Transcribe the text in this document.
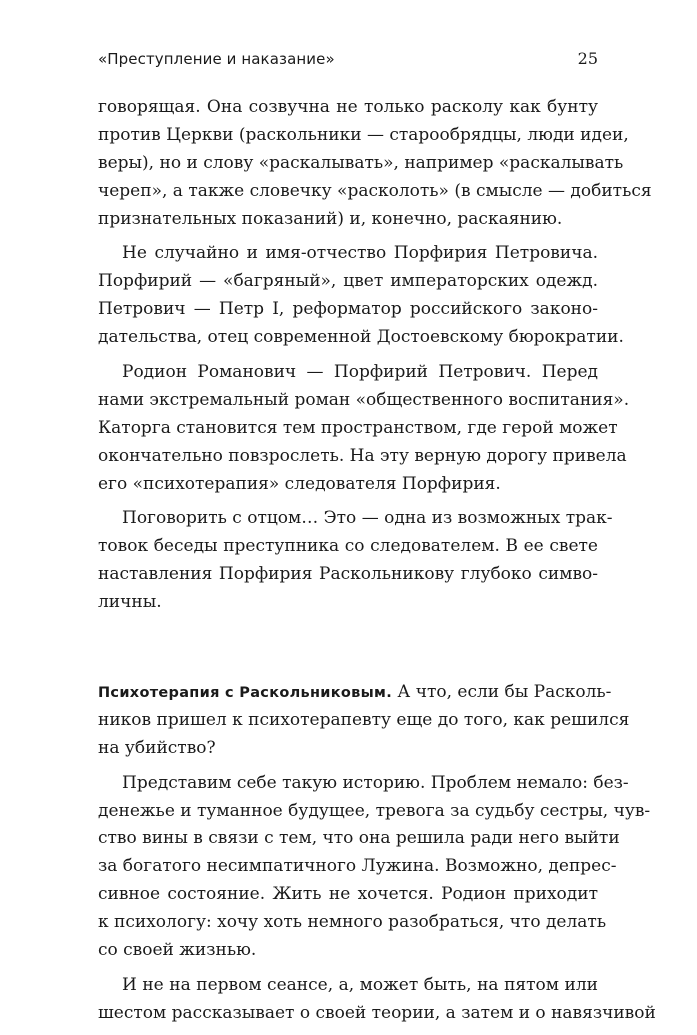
«Преступление и наказание»	25
говорящая. Она созвучна не только расколу как бунту
против Церкви (раскольники — старообрядцы, люди идеи,
веры), но и слову «раскалывать», например «раскалывать
череп», а также словечку «расколоть» (в смысле — добиться
признательных показаний) и, конечно, раскаянию.
Не случайно и имя-отчество Порфирия Петровича.
Порфирий — «багряный», цвет императорских одежд.
Петрович — Петр I, реформатор российского законо-
дательства, отец современной Достоевскому бюрократии.
Родион Романович — Порфирий Петрович. Перед
нами экстремальный роман «общественного воспитания».
Каторга становится тем пространством, где герой может
окончательно повзрослеть. На эту верную дорогу привела
его «психотерапия» следователя Порфирия.
Поговорить с отцом… Это — одна из возможных трак-
товок беседы преступника со следователем. В ее свете
наставления Порфирия Раскольникову глубоко симво-
личны.
Психотерапия с Раскольниковым. А что, если бы Расколь-
ников пришел к психотерапевту еще до того, как решился
на убийство?
Представим себе такую историю. Проблем немало: без-
денежье и туманное будущее, тревога за судьбу сестры, чув-
ство вины в связи с тем, что она решила ради него выйти
за богатого несимпатичного Лужина. Возможно, депрес-
сивное состояние. Жить не хочется. Родион приходит
к психологу: хочу хоть немного разобраться, что делать
со своей жизнью.
И не на первом сеансе, а, может быть, на пятом или
шестом рассказывает о своей теории, а затем и о навязчивой
